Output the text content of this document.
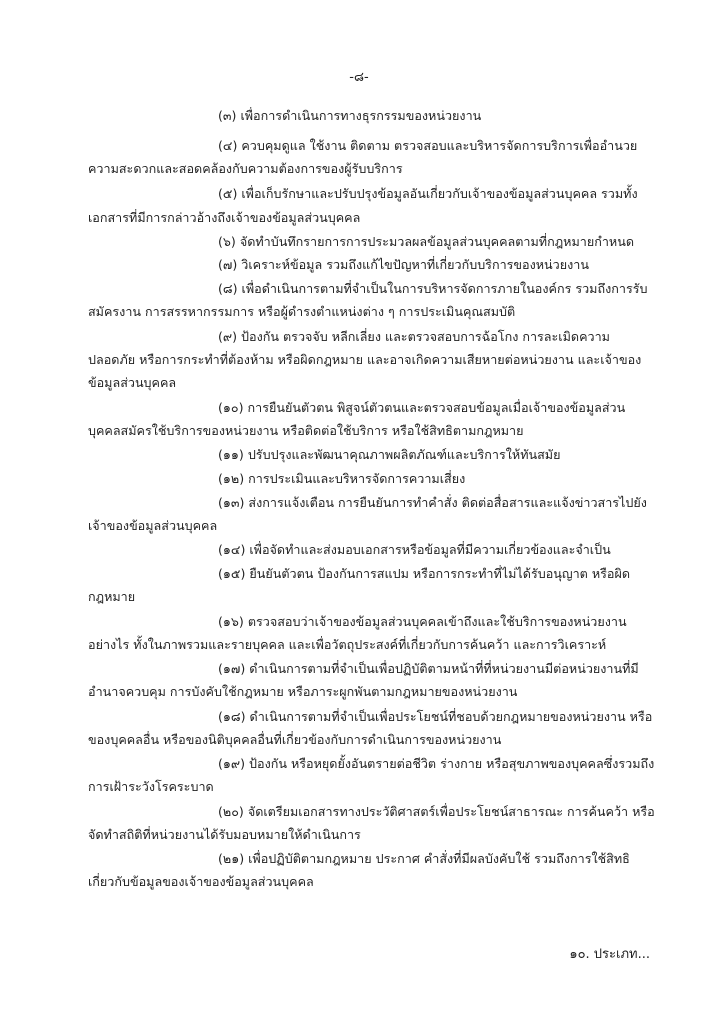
-๘-
(๓) เพื่อการดำเนินการทางธุรกรรมของหน่วยงาน
(๔) ควบคุมดูแล ใช้งาน ติดตาม ตรวจสอบและบริหารจัดการบริการเพื่ออำนวย
ความสะดวกและสอดคล้องกับความต้องการของผู้รับบริการ
(๕) เพื่อเก็บรักษาและปรับปรุงข้อมูลอันเกี่ยวกับเจ้าของข้อมูลส่วนบุคคล รวมทั้ง
เอกสารที่มีการกล่าวอ้างถึงเจ้าของข้อมูลส่วนบุคคล
(๖) จัดทำบันทึกรายการการประมวลผลข้อมูลส่วนบุคคลตามที่กฎหมายกำหนด
(๗) วิเคราะห์ข้อมูล รวมถึงแก้ไขปัญหาที่เกี่ยวกับบริการของหน่วยงาน
(๘) เพื่อดำเนินการตามที่จำเป็นในการบริหารจัดการภายในองค์กร รวมถึงการรับ
สมัครงาน การสรรหากรรมการ หรือผู้ดำรงตำแหน่งต่าง ๆ การประเมินคุณสมบัติ
(๙) ป้องกัน ตรวจจับ หลีกเลี่ยง และตรวจสอบการฉ้อโกง การละเมิดความ
ปลอดภัย หรือการกระทำที่ต้องห้าม หรือผิดกฎหมาย และอาจเกิดความเสียหายต่อหน่วยงาน และเจ้าของ
ข้อมูลส่วนบุคคล
(๑๐) การยืนยันตัวตน พิสูจน์ตัวตนและตรวจสอบข้อมูลเมื่อเจ้าของข้อมูลส่วน
บุคคลสมัครใช้บริการของหน่วยงาน หรือติดต่อใช้บริการ หรือใช้สิทธิตามกฎหมาย
(๑๑) ปรับปรุงและพัฒนาคุณภาพผลิตภัณฑ์และบริการให้ทันสมัย
(๑๒) การประเมินและบริหารจัดการความเสี่ยง
(๑๓) ส่งการแจ้งเตือน การยืนยันการทำคำสั่ง ติดต่อสื่อสารและแจ้งข่าวสารไปยัง
เจ้าของข้อมูลส่วนบุคคล
(๑๔) เพื่อจัดทำและส่งมอบเอกสารหรือข้อมูลที่มีความเกี่ยวข้องและจำเป็น
(๑๕) ยืนยันตัวตน ป้องกันการสแปม หรือการกระทำที่ไม่ได้รับอนุญาต หรือผิด
กฎหมาย
(๑๖) ตรวจสอบว่าเจ้าของข้อมูลส่วนบุคคลเข้าถึงและใช้บริการของหน่วยงาน
อย่างไร ทั้งในภาพรวมและรายบุคคล และเพื่อวัตถุประสงค์ที่เกี่ยวกับการค้นคว้า และการวิเคราะห์
(๑๗) ดำเนินการตามที่จำเป็นเพื่อปฏิบัติตามหน้าที่ที่หน่วยงานมีต่อหน่วยงานที่มี
อำนาจควบคุม การบังคับใช้กฎหมาย หรือภาระผูกพันตามกฎหมายของหน่วยงาน
(๑๘) ดำเนินการตามที่จำเป็นเพื่อประโยชน์ที่ชอบด้วยกฎหมายของหน่วยงาน หรือ
ของบุคคลอื่น หรือของนิติบุคคลอื่นที่เกี่ยวข้องกับการดำเนินการของหน่วยงาน
(๑๙) ป้องกัน หรือหยุดยั้งอันตรายต่อชีวิต ร่างกาย หรือสุขภาพของบุคคลซึ่งรวมถึง
การเฝ้าระวังโรคระบาด
(๒๐) จัดเตรียมเอกสารทางประวัติศาสตร์เพื่อประโยชน์สาธารณะ การค้นคว้า หรือ
จัดทำสถิติที่หน่วยงานได้รับมอบหมายให้ดำเนินการ
(๒๑) เพื่อปฏิบัติตามกฎหมาย ประกาศ คำสั่งที่มีผลบังคับใช้ รวมถึงการใช้สิทธิ
เกี่ยวกับข้อมูลของเจ้าของข้อมูลส่วนบุคคล
๑๐. ประเภท...
